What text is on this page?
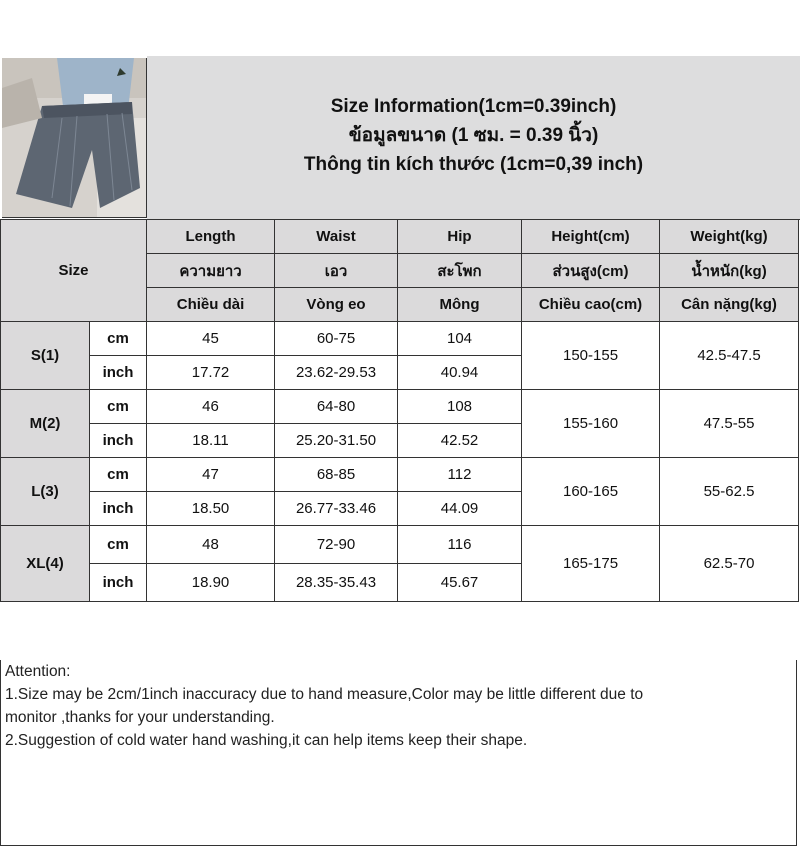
Size Information(1cm=0.39inch)
ข้อมูลขนาด (1 ซม. = 0.39 นิ้ว)
Thông tin kích thước (1cm=0,39 inch)
Size		Length	Waist	Hip	Height(cm)	Weight(kg)
		ความยาว	เอว	สะโพก	ส่วนสูง(cm)	น้ำหนัก(kg)
		Chiều dài	Vòng eo	Mông	Chiều cao(cm)	Cân nặng(kg)
S(1)	cm	45	60-75	104	150-155	42.5-47.5
	inch	17.72	23.62-29.53	40.94		
M(2)	cm	46	64-80	108	155-160	47.5-55
	inch	18.11	25.20-31.50	42.52		
L(3)	cm	47	68-85	112	160-165	55-62.5
	inch	18.50	26.77-33.46	44.09		
XL(4)	cm	48	72-90	116	165-175	62.5-70
	inch	18.90	28.35-35.43	45.67		

Attention:

1.Size may be 2cm/1inch inaccuracy due to hand measure,Color may be little different due to

monitor ,thanks for your understanding.

2.Suggestion of cold water hand washing,it can help items keep their shape.
